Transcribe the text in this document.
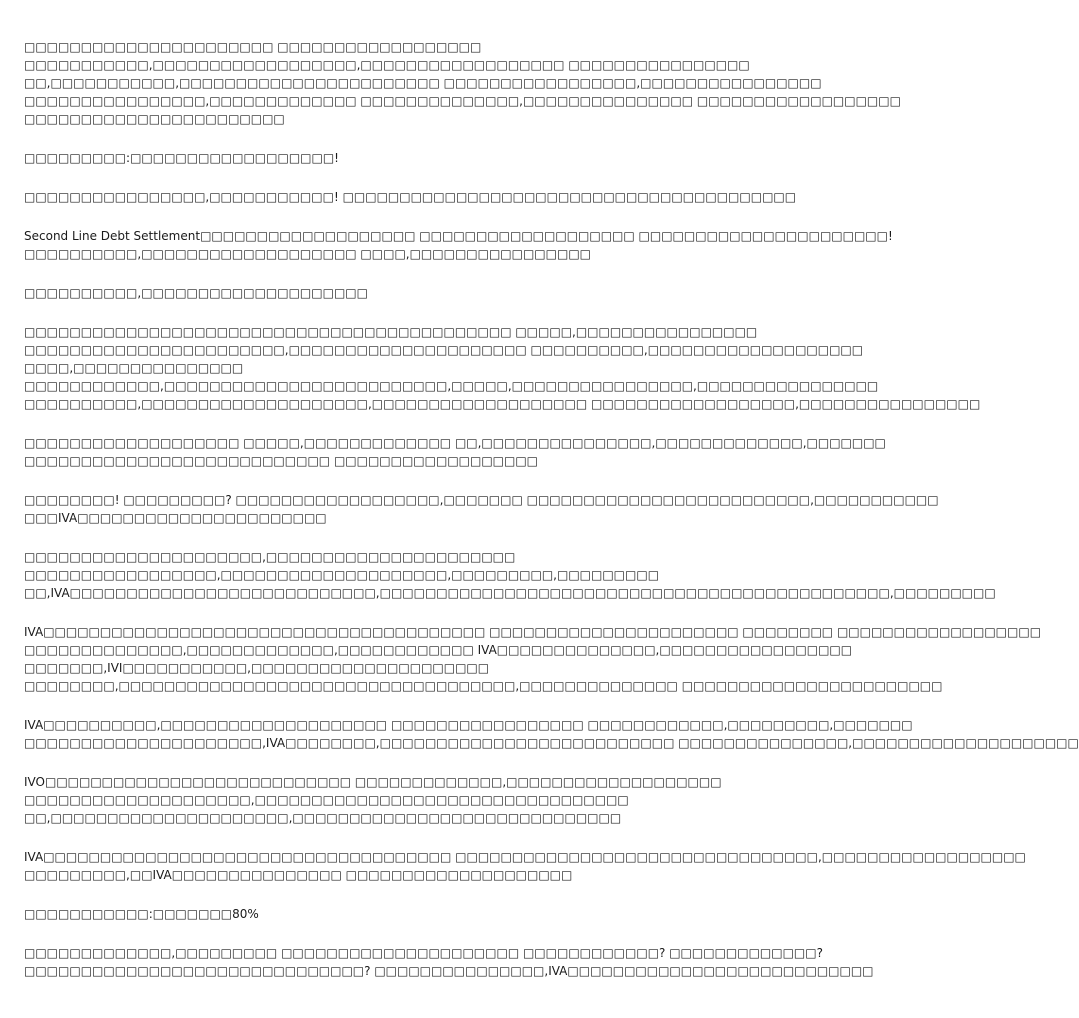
□□□□□□□□□□□□□□□□□□□□□□ □□□□□□□□□□□□□□□□□□
□□□□□□□□□□□,□□□□□□□□□□□□□□□□□□,□□□□□□□□□□□□□□□□□□ □□□□□□□□□□□□□□□□
□□,□□□□□□□□□□□,□□□□□□□□□□□□□□□□□□□□□□□ □□□□□□□□□□□□□□□□□,□□□□□□□□□□□□□□□□
□□□□□□□□□□□□□□□□,□□□□□□□□□□□□□ □□□□□□□□□□□□□□,□□□□□□□□□□□□□□□ □□□□□□□□□□□□□□□□□□
□□□□□□□□□□□□□□□□□□□□□□□
□□□□□□□□□:□□□□□□□□□□□□□□□□□□!
□□□□□□□□□□□□□□□□,□□□□□□□□□□□! □□□□□□□□□□□□□□□□□□□□□□□□□□□□□□□□□□□□□□□□
Second Line Debt Settlement□□□□□□□□□□□□□□□□□□□ □□□□□□□□□□□□□□□□□□□ □□□□□□□□□□□□□□□□□□□□□□!
□□□□□□□□□□,□□□□□□□□□□□□□□□□□□□ □□□□,□□□□□□□□□□□□□□□□
□□□□□□□□□□,□□□□□□□□□□□□□□□□□□□□
□□□□□□□□□□□□□□□□□□□□□□□□□□□□□□□□□□□□□□□□□□□ □□□□□,□□□□□□□□□□□□□□□□
□□□□□□□□□□□□□□□□□□□□□□□,□□□□□□□□□□□□□□□□□□□□□ □□□□□□□□□□,□□□□□□□□□□□□□□□□□□□
□□□□,□□□□□□□□□□□□□□□
□□□□□□□□□□□□,□□□□□□□□□□□□□□□□□□□□□□□□□,□□□□□,□□□□□□□□□□□□□□□□,□□□□□□□□□□□□□□□□
□□□□□□□□□□,□□□□□□□□□□□□□□□□□□□□,□□□□□□□□□□□□□□□□□□□ □□□□□□□□□□□□□□□□□□,□□□□□□□□□□□□□□□□
□□□□□□□□□□□□□□□□□□□ □□□□□,□□□□□□□□□□□□□ □□,□□□□□□□□□□□□□□□,□□□□□□□□□□□□□,□□□□□□□
□□□□□□□□□□□□□□□□□□□□□□□□□□□ □□□□□□□□□□□□□□□□□□
□□□□□□□□! □□□□□□□□□? □□□□□□□□□□□□□□□□□□,□□□□□□□ □□□□□□□□□□□□□□□□□□□□□□□□□,□□□□□□□□□□□
□□□IVA□□□□□□□□□□□□□□□□□□□□□□
□□□□□□□□□□□□□□□□□□□□□,□□□□□□□□□□□□□□□□□□□□□□
□□□□□□□□□□□□□□□□□,□□□□□□□□□□□□□□□□□□□□,□□□□□□□□□,□□□□□□□□□
□□,IVA□□□□□□□□□□□□□□□□□□□□□□□□□□□,□□□□□□□□□□□□□□□□□□□□□□□□□□□□□□□□□□□□□□□□□□□□□,□□□□□□□□□
IVA□□□□□□□□□□□□□□□□□□□□□□□□□□□□□□□□□□□□□□□ □□□□□□□□□□□□□□□□□□□□□□ □□□□□□□□ □□□□□□□□□□□□□□□□□□
□□□□□□□□□□□□□□,□□□□□□□□□□□□□,□□□□□□□□□□□□ IVA□□□□□□□□□□□□□□,□□□□□□□□□□□□□□□□□
□□□□□□□,IVI□□□□□□□□□□□,□□□□□□□□□□□□□□□□□□□□□
□□□□□□□□,□□□□□□□□□□□□□□□□□□□□□□□□□□□□□□□□□□□,□□□□□□□□□□□□□□ □□□□□□□□□□□□□□□□□□□□□□□
IVA□□□□□□□□□□,□□□□□□□□□□□□□□□□□□□□ □□□□□□□□□□□□□□□□□ □□□□□□□□□□□□,□□□□□□□□□,□□□□□□□
□□□□□□□□□□□□□□□□□□□□□,IVA□□□□□□□□,□□□□□□□□□□□□□□□□□□□□□□□□□□ □□□□□□□□□□□□□□□,□□□□□□□□□□□□□□□□□□□□
IVO□□□□□□□□□□□□□□□□□□□□□□□□□□□ □□□□□□□□□□□□□,□□□□□□□□□□□□□□□□□□□
□□□□□□□□□□□□□□□□□□□□,□□□□□□□□□□□□□□□□□□□□□□□□□□□□□□□□□
□□,□□□□□□□□□□□□□□□□□□□□□,□□□□□□□□□□□□□□□□□□□□□□□□□□□□□
IVA□□□□□□□□□□□□□□□□□□□□□□□□□□□□□□□□□□□□ □□□□□□□□□□□□□□□□□□□□□□□□□□□□□□□□,□□□□□□□□□□□□□□□□□□
□□□□□□□□□,□□IVA□□□□□□□□□□□□□□□ □□□□□□□□□□□□□□□□□□□□
□□□□□□□□□□□:□□□□□□□80%
□□□□□□□□□□□□□,□□□□□□□□□ □□□□□□□□□□□□□□□□□□□□□ □□□□□□□□□□□□? □□□□□□□□□□□□□?
□□□□□□□□□□□□□□□□□□□□□□□□□□□□□□? □□□□□□□□□□□□□□□,IVA□□□□□□□□□□□□□□□□□□□□□□□□□□□
